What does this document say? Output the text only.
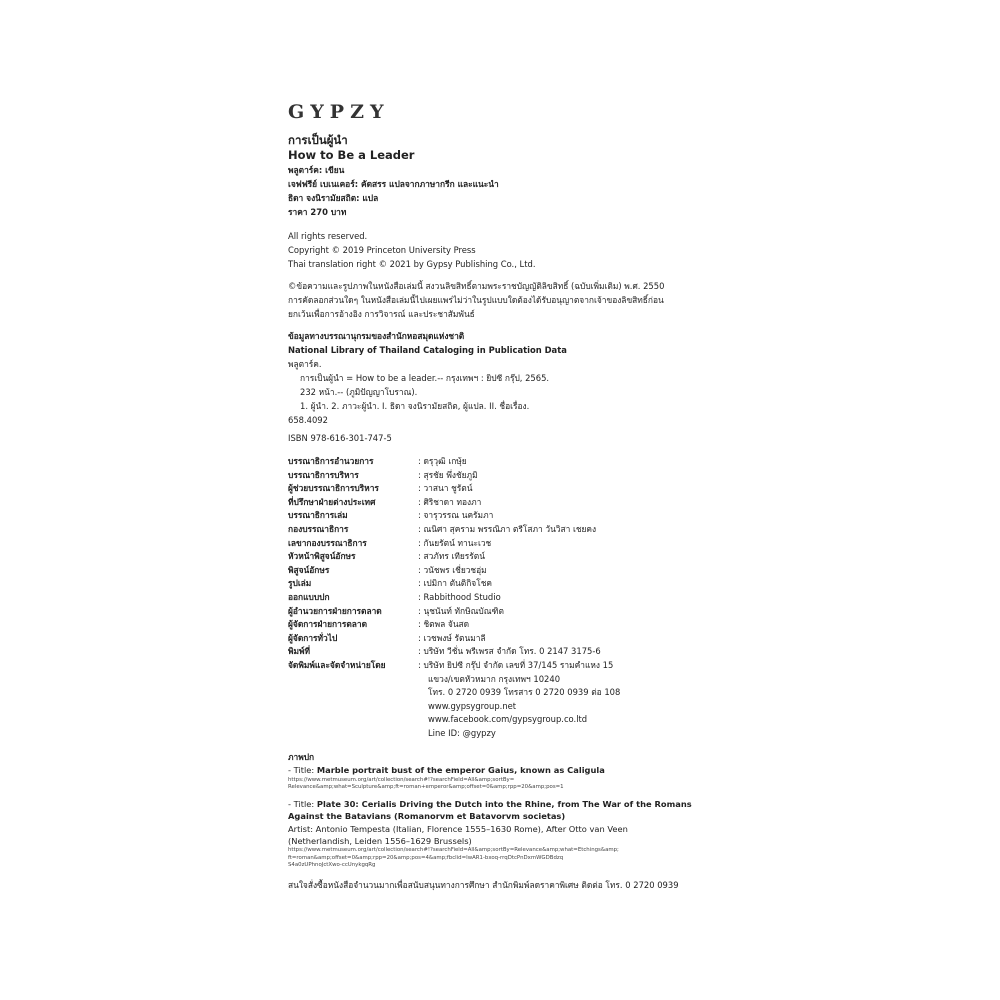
GYPZY
การเป็นผู้นำ
How to Be a Leader
พลูตาร์ค: เขียน
เจฟฟรีย์ เบเนเคอร์: คัดสรร แปลจากภาษากรีก และแนะนำ
ธิดา จงนิรามัยสถิต: แปล
ราคา 270 บาท
All rights reserved.
Copyright © 2019 Princeton University Press
Thai translation right © 2021 by Gypsy Publishing Co., Ltd.
©ข้อความและรูปภาพในหนังสือเล่มนี้ สงวนลิขสิทธิ์ตามพระราชบัญญัติลิขสิทธิ์ (ฉบับเพิ่มเติม) พ.ศ. 2550
การคัดลอกส่วนใดๆ ในหนังสือเล่มนี้ไปเผยแพร่ไม่ว่าในรูปแบบใดต้องได้รับอนุญาตจากเจ้าของลิขสิทธิ์ก่อน
ยกเว้นเพื่อการอ้างอิง การวิจารณ์ และประชาสัมพันธ์
ข้อมูลทางบรรณานุกรมของสำนักหอสมุดแห่งชาติ
National Library of Thailand Cataloging in Publication Data
พลูตาร์ค.
การเป็นผู้นำ = How to be a leader.-- กรุงเทพฯ : ยิปซี กรุ๊ป, 2565.
232 หน้า.-- (ภูมิปัญญาโบราณ).
1. ผู้นำ. 2. ภาวะผู้นำ. I. ธิดา จงนิรามัยสถิต, ผู้แปล. II. ชื่อเรื่อง.
658.4092
ISBN 978-616-301-747-5
บรรณาธิการอำนวยการ	: ดรุวุฒิ เกษุ้ย
บรรณาธิการบริหาร	: สุรชัย พึ่งชัยภูมิ
ผู้ช่วยบรรณาธิการบริหาร	: วาสนา ชูรัตน์
ที่ปรึกษาฝ่ายต่างประเทศ	: ศิริชาดา ทองภา
บรรณาธิการเล่ม	: จารุวรรณ นครัมภา
กองบรรณาธิการ	: ณนิศา สุคราม พรรณิภา ตรีโสภา วันวิสา เชยคง
เลขากองบรรณาธิการ	: กันยรัตน์ ทานะเวช
หัวหน้าพิสูจน์อักษร	: สวภัทร เทียรรัตน์
พิสูจน์อักษร	: วนัชพร เชี่ยวชอุ่ม
รูปเล่ม	: เปมิกา ตันติกิจโชค
ออกแบบปก	: Rabbithood Studio
ผู้อำนวยการฝ่ายการตลาด	: นุชนันท์ ทักษิณบัณฑิต
ผู้จัดการฝ่ายการตลาด	: ชิตพล จันสด
ผู้จัดการทั่วไป	: เวชพงษ์ รัตนมาลี
พิมพ์ที่	: บริษัท วีชั่น พรีเพรส จำกัด โทร. 0 2147 3175-6
จัดพิมพ์และจัดจำหน่ายโดย	: บริษัท ยิปซี กรุ๊ป จำกัด เลขที่ 37/145 รามคำแหง 15
แขวง/เขตหัวหมาก กรุงเทพฯ 10240
โทร. 0 2720 0939 โทรสาร 0 2720 0939 ต่อ 108
www.gypsygroup.net
www.facebook.com/gypsygroup.co.ltd
Line ID: @gypzy
ภาพปก
- Title: Marble portrait bust of the emperor Gaius, known as Caligula
https://www.metmuseum.org/art/collection/search#!?searchField=All&amp;sortBy=
Relevance&amp;what=Sculpture&amp;ft=roman+emperor&amp;offset=0&amp;rpp=20&amp;pos=1
- Title: Plate 30: Cerialis Driving the Dutch into the Rhine, from The War of the Romans
Against the Batavians (Romanorvm et Batavorvm societas)
Artist: Antonio Tempesta (Italian, Florence 1555–1630 Rome), After Otto van Veen
(Netherlandish, Leiden 1556–1629 Brussels)
https://www.metmuseum.org/art/collection/search#!?searchField=All&amp;sortBy=Relevance&amp;what=Etchings&amp;
ft=roman&amp;offset=0&amp;rpp=20&amp;pos=4&amp;fbclid=IwAR1-bxoq-rrqDtcPnDxmWGDBdzq
S4a0zUPhnoJctXwo-ccUnykgqRg
สนใจสั่งซื้อหนังสือจำนวนมากเพื่อสนับสนุนทางการศึกษา สำนักพิมพ์ลดราคาพิเศษ ติดต่อ โทร. 0 2720 0939
